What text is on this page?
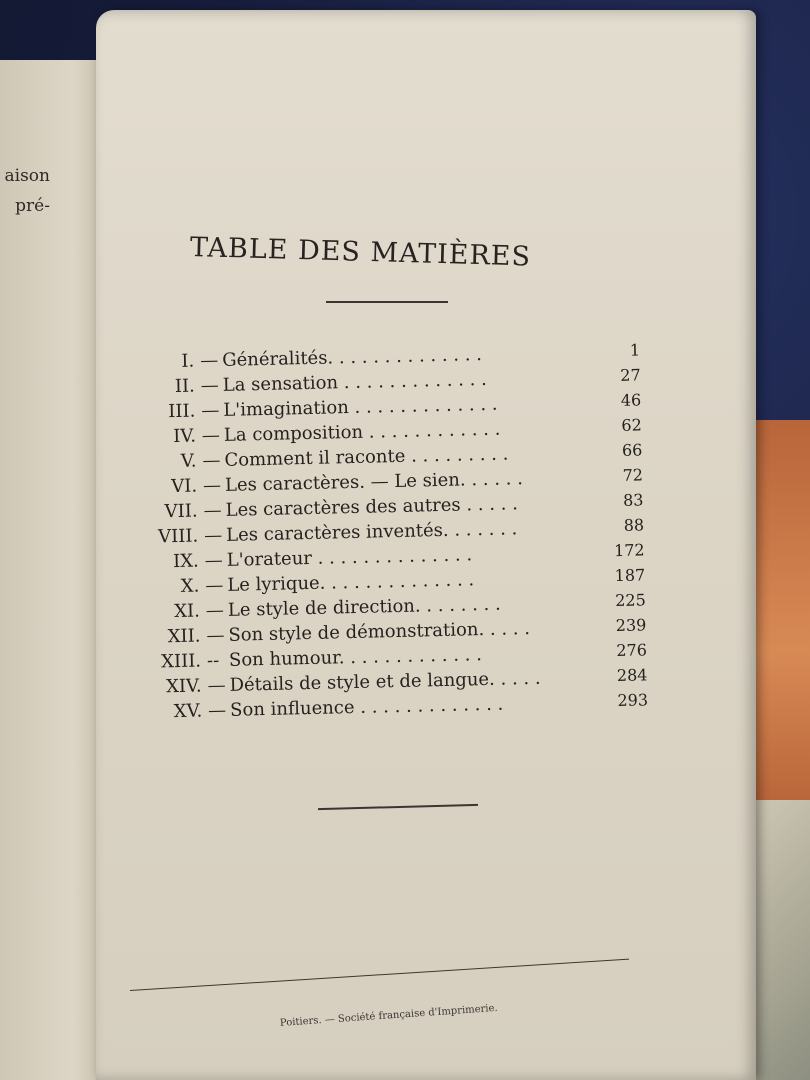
aison
pré-
TABLE DES MATIÈRES
I. — Généralités. . . . . . . . . . . . . .	1
II. — La sensation . . . . . . . . . . . . .	27
III. — L'imagination . . . . . . . . . . . . .	46
IV. — La composition . . . . . . . . . . . .	62
V. — Comment il raconte . . . . . . . . .	66
VI. — Les caractères. — Le sien. . . . . .	72
VII. — Les caractères des autres . . . . .	83
VIII. — Les caractères inventés. . . . . . .	88
IX. — L'orateur . . . . . . . . . . . . . .	172
X. — Le lyrique. . . . . . . . . . . . . .	187
XI. — Le style de direction. . . . . . . .	225
XII. — Son style de démonstration. . . . .	239
XIII. -- Son humour. . . . . . . . . . . . .	276
XIV. — Détails de style et de langue. . . . .	284
XV. — Son influence . . . . . . . . . . . . .	293
Poitiers. — Société française d'Imprimerie.
